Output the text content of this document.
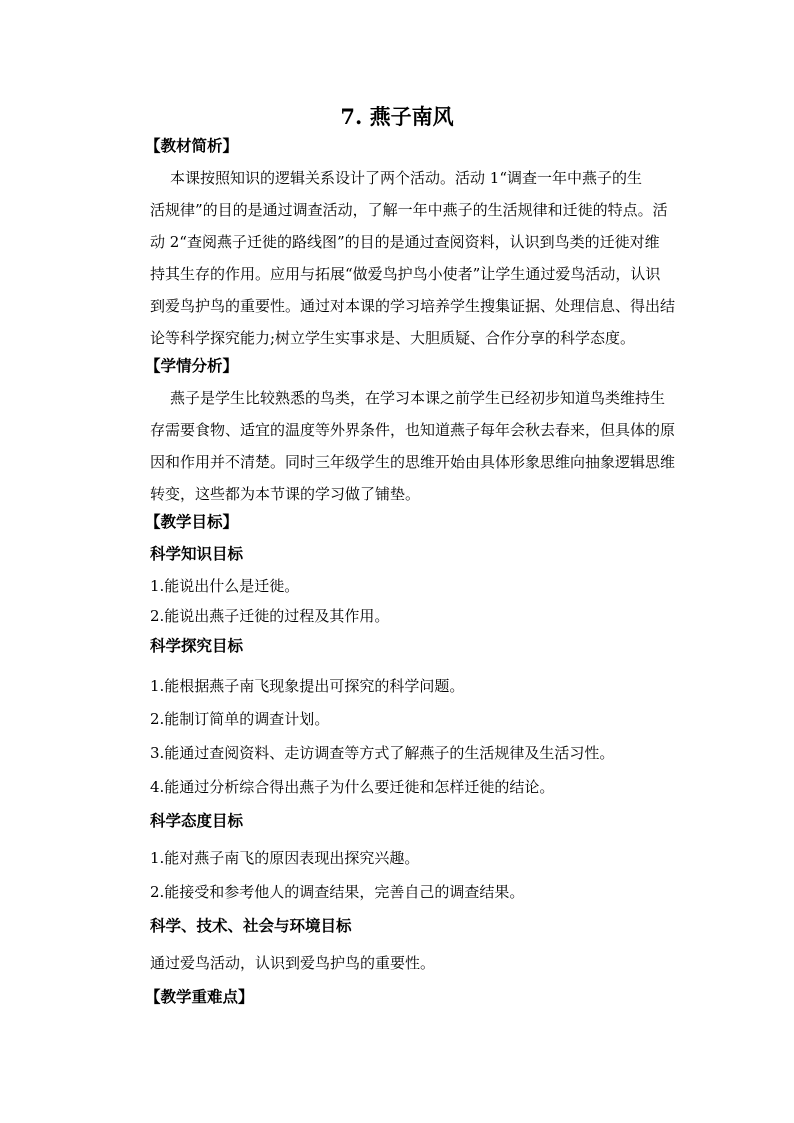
7. 燕子南风
【教材简析】
本课按照知识的逻辑关系设计了两个活动。活动 1“调查一年中燕子的生
活规律”的目的是通过调查活动，了解一年中燕子的生活规律和迁徙的特点。活
动 2“查阅燕子迁徙的路线图”的目的是通过查阅资料，认识到鸟类的迁徙对维
持其生存的作用。应用与拓展“做爱鸟护鸟小使者”让学生通过爱鸟活动，认识
到爱鸟护鸟的重要性。通过对本课的学习培养学生搜集证据、处理信息、得出结
论等科学探究能力;树立学生实事求是、大胆质疑、合作分享的科学态度。
【学情分析】
燕子是学生比较熟悉的鸟类，在学习本课之前学生已经初步知道鸟类维持生
存需要食物、适宜的温度等外界条件，也知道燕子每年会秋去春来，但具体的原
因和作用并不清楚。同时三年级学生的思维开始由具体形象思维向抽象逻辑思维
转变，这些都为本节课的学习做了铺垫。
【教学目标】
科学知识目标
1.能说出什么是迁徙。
2.能说出燕子迁徙的过程及其作用。
科学探究目标
1.能根据燕子南飞现象提出可探究的科学问题。
2.能制订简单的调查计划。
3.能通过查阅资料、走访调查等方式了解燕子的生活规律及生活习性。
4.能通过分析综合得出燕子为什么要迁徙和怎样迁徙的结论。
科学态度目标
1.能对燕子南飞的原因表现出探究兴趣。
2.能接受和参考他人的调查结果，完善自己的调查结果。
科学、技术、社会与环境目标
通过爱鸟活动，认识到爱鸟护鸟的重要性。
【教学重难点】
